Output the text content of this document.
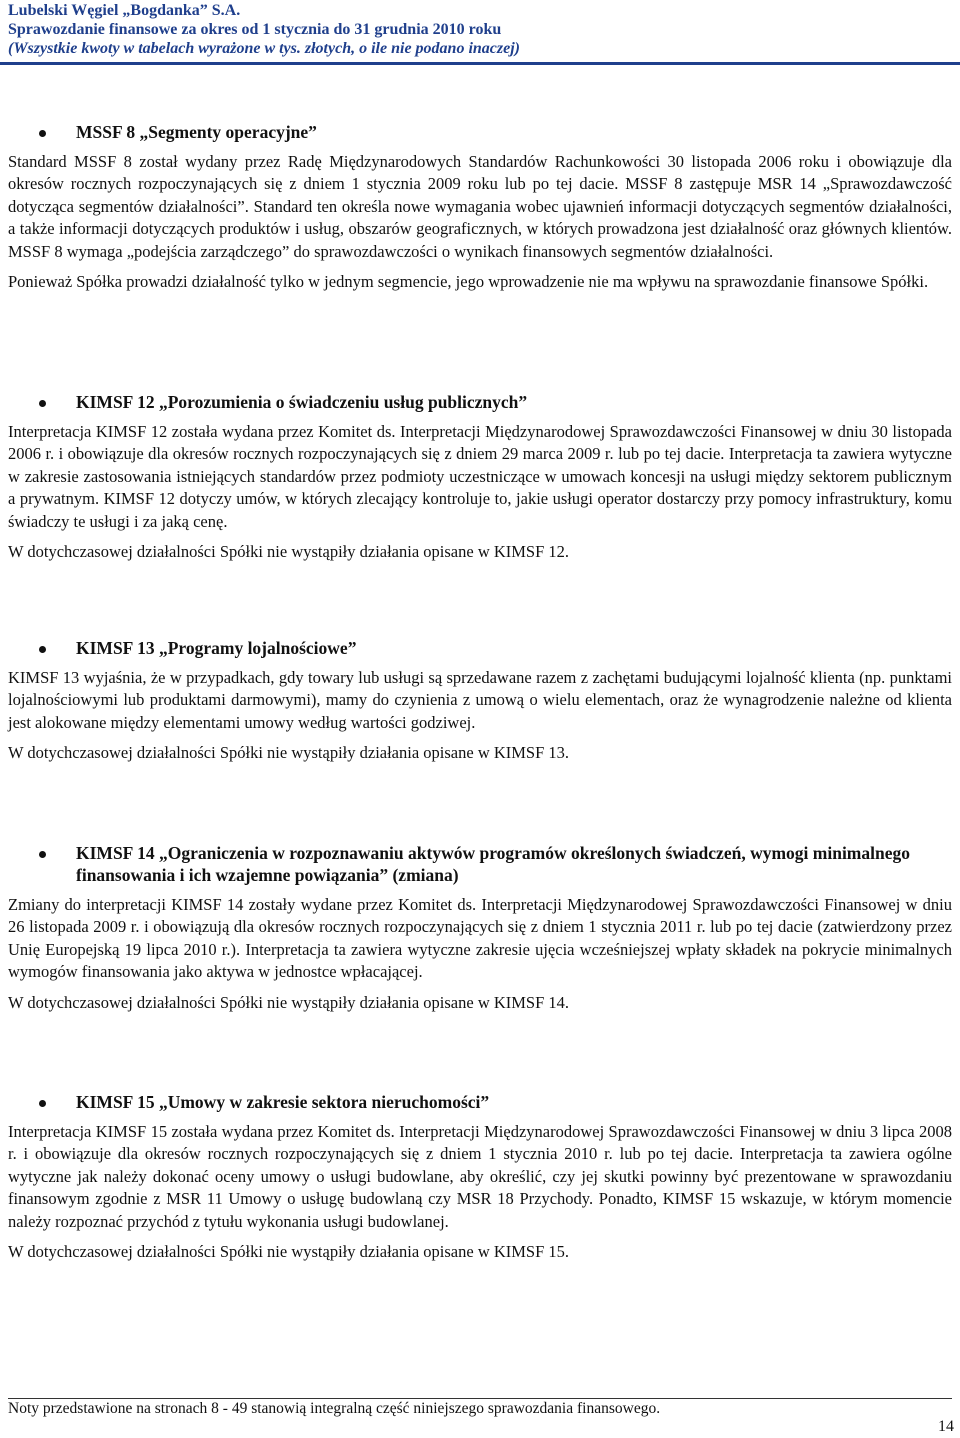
Lubelski Węgiel „Bogdanka” S.A.
Sprawozdanie finansowe za okres od 1 stycznia do 31 grudnia 2010 roku
(Wszystkie kwoty w tabelach wyrażone w tys. złotych, o ile nie podano inaczej)
MSSF 8 „Segmenty operacyjne”

Standard MSSF 8 został wydany przez Radę Międzynarodowych Standardów Rachunkowości 30 listopada 2006 roku i obowiązuje dla okresów rocznych rozpoczynających się z dniem 1 stycznia 2009 roku lub po tej dacie. MSSF 8 zastępuje MSR 14 „Sprawozdawczość dotycząca segmentów działalności”. Standard ten określa nowe wymagania wobec ujawnień informacji dotyczących segmentów działalności, a także informacji dotyczących produktów i usług, obszarów geograficznych, w których prowadzona jest działalność oraz głównych klientów. MSSF 8 wymaga „podejścia zarządczego” do sprawozdawczości o wynikach finansowych segmentów działalności.

Ponieważ Spółka prowadzi działalność tylko w jednym segmencie, jego wprowadzenie nie ma wpływu na sprawozdanie finansowe Spółki.

KIMSF 12 „Porozumienia o świadczeniu usług publicznych”

Interpretacja KIMSF 12 została wydana przez Komitet ds. Interpretacji Międzynarodowej Sprawozdawczości Finansowej w dniu 30 listopada 2006 r. i obowiązuje dla okresów rocznych rozpoczynających się z dniem 29 marca 2009 r. lub po tej dacie. Interpretacja ta zawiera wytyczne w zakresie zastosowania istniejących standardów przez podmioty uczestniczące w umowach koncesji na usługi między sektorem publicznym a prywatnym. KIMSF 12 dotyczy umów, w których zlecający kontroluje to, jakie usługi operator dostarczy przy pomocy infrastruktury, komu świadczy te usługi i za jaką cenę.

W dotychczasowej działalności Spółki nie wystąpiły działania opisane w KIMSF 12.

KIMSF 13 „Programy lojalnościowe”

KIMSF 13 wyjaśnia, że w przypadkach, gdy towary lub usługi są sprzedawane razem z zachętami budującymi lojalność klienta (np. punktami lojalnościowymi lub produktami darmowymi), mamy do czynienia z umową o wielu elementach, oraz że wynagrodzenie należne od klienta jest alokowane między elementami umowy według wartości godziwej.

W dotychczasowej działalności Spółki nie wystąpiły działania opisane w KIMSF 13.

KIMSF 14 „Ograniczenia w rozpoznawaniu aktywów programów określonych świadczeń, wymogi minimalnego finansowania i ich wzajemne powiązania” (zmiana)

Zmiany do interpretacji KIMSF 14 zostały wydane przez Komitet ds. Interpretacji Międzynarodowej Sprawozdawczości Finansowej w dniu 26 listopada 2009 r. i obowiązują dla okresów rocznych rozpoczynających się z dniem 1 stycznia 2011 r. lub po tej dacie (zatwierdzony przez Unię Europejską 19 lipca 2010 r.). Interpretacja ta zawiera wytyczne zakresie ujęcia wcześniejszej wpłaty składek na pokrycie minimalnych wymogów finansowania jako aktywa w jednostce wpłacającej.

W dotychczasowej działalności Spółki nie wystąpiły działania opisane w KIMSF 14.

KIMSF 15 „Umowy w zakresie sektora nieruchomości”

Interpretacja KIMSF 15 została wydana przez Komitet ds. Interpretacji Międzynarodowej Sprawozdawczości Finansowej w dniu 3 lipca 2008 r. i obowiązuje dla okresów rocznych rozpoczynających się z dniem 1 stycznia 2010 r. lub po tej dacie. Interpretacja ta zawiera ogólne wytyczne jak należy dokonać oceny umowy o usługi budowlane, aby określić, czy jej skutki powinny być prezentowane w sprawozdaniu finansowym zgodnie z MSR 11 Umowy o usługę budowlaną czy MSR 18 Przychody. Ponadto, KIMSF 15 wskazuje, w którym momencie należy rozpoznać przychód z tytułu wykonania usługi budowlanej.

W dotychczasowej działalności Spółki nie wystąpiły działania opisane w KIMSF 15.

Noty przedstawione na stronach 8 - 49 stanowią integralną część niniejszego sprawozdania finansowego.
14
